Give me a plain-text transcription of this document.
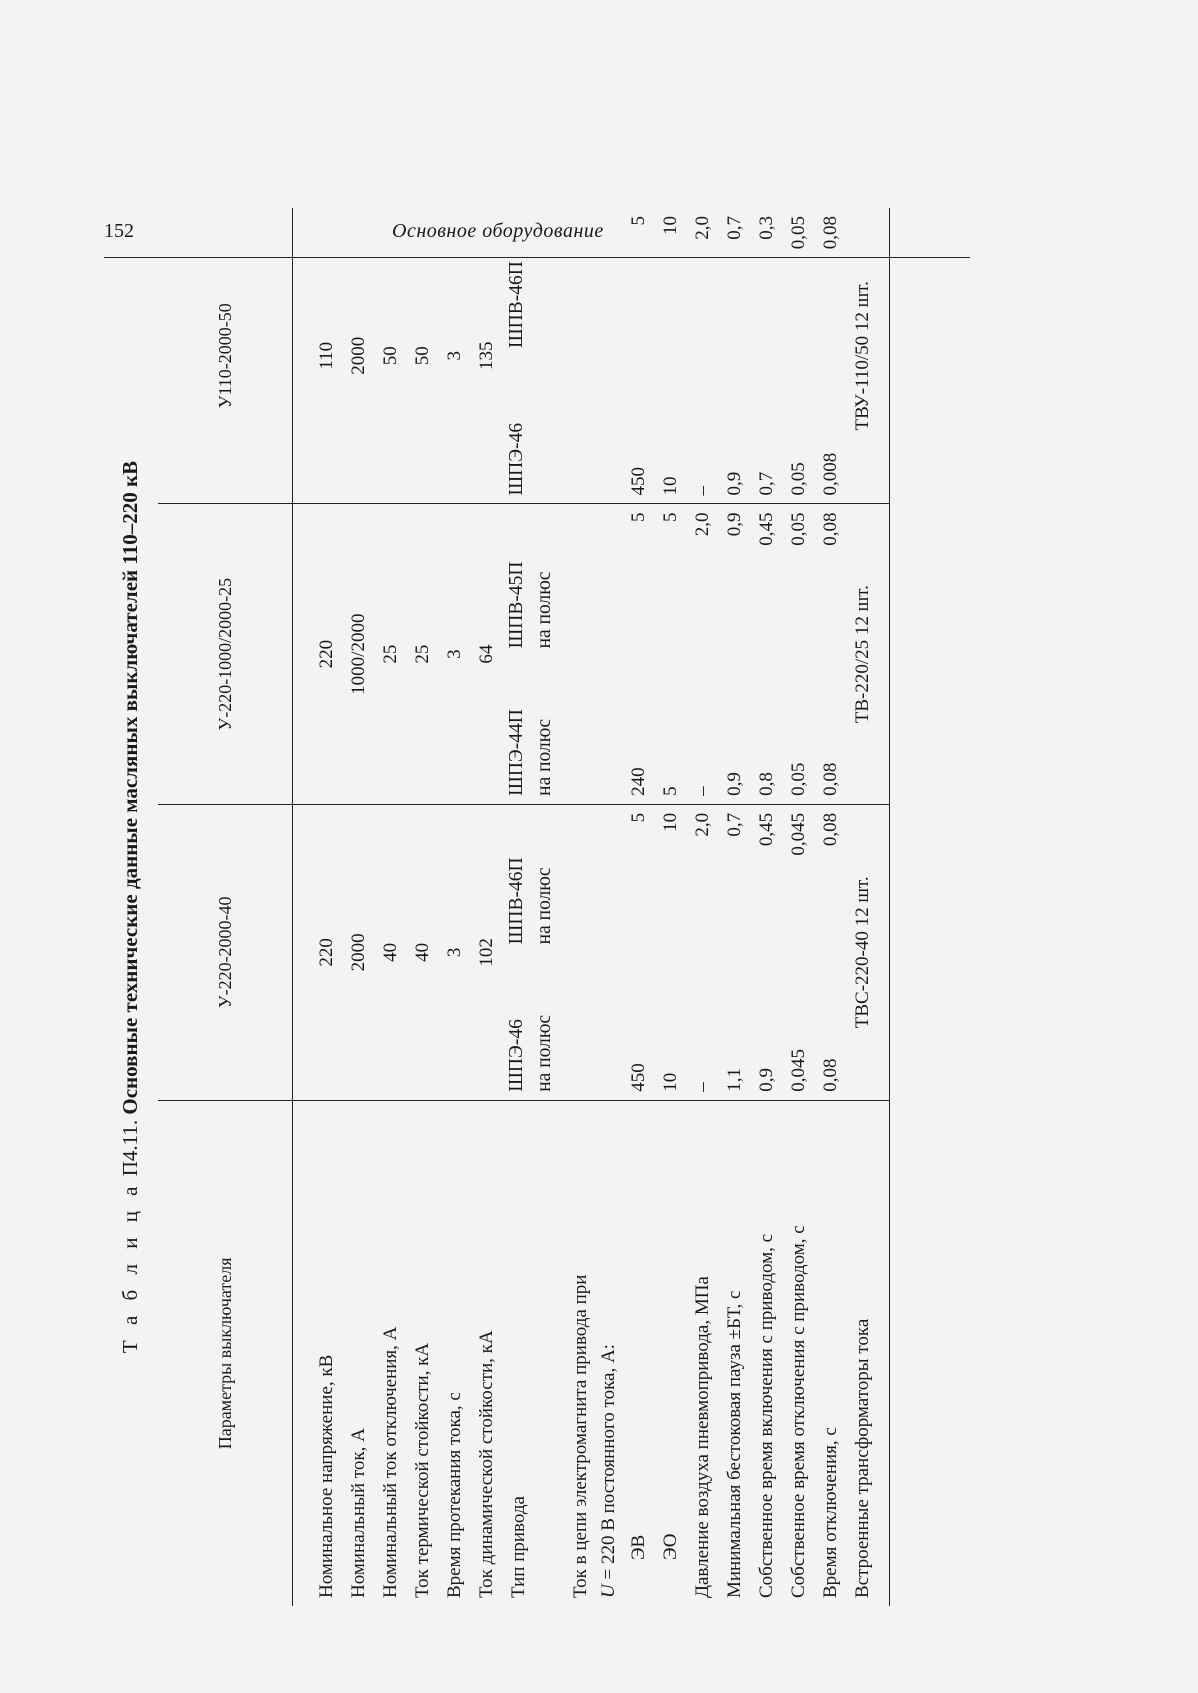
152	Основное оборудование
Т а б л и ц а П4.11. Основные технические данные масляных выключателей 110–220 кВ
Параметры выключателя	У-220-2000-40		У-220-1000/2000-25		У110-2000-50	
Номинальное напряжение, кВ	220		220		110	
Номинальный ток, А	2000		1000/2000		2000	
Номинальный ток отключения, А	40		25		50	
Ток термической стойкости, кА	40		25		50	
Время протекания тока, с	3		3		3	
Ток динамической стойкости, кА	102		64		135	
Тип привода	ШПЭ-46 на полюс	ШПВ-46П на полюс	ШПЭ-44П на полюс	ШПВ-45П на полюс	ШПЭ-46	ШПВ-46П
Ток в цепи электромагнита привода при U = 220 В постоянного тока, А:						
ЭВ	450	5	240	5	450	5
ЭО	10	10	5	5	10	10
Давление воздуха пневмопривода, МПа	–	2,0	–	2,0	–	2,0
Минимальная бестоковая пауза ±БТ, с	1,1	0,7	0,9	0,9	0,9	0,7
Собственное время включения с приводом, с	0,9	0,45	0,8	0,45	0,7	0,3
Собственное время отключения с приводом, с	0,045	0,045	0,05	0,05	0,05	0,05
Время отключения, с	0,08	0,08	0,08	0,08	0,008	0,08
Встроенные трансформаторы тока	ТВС-220-40 12 шт.		ТВ-220/25 12 шт.		ТВУ-110/50 12 шт.	
